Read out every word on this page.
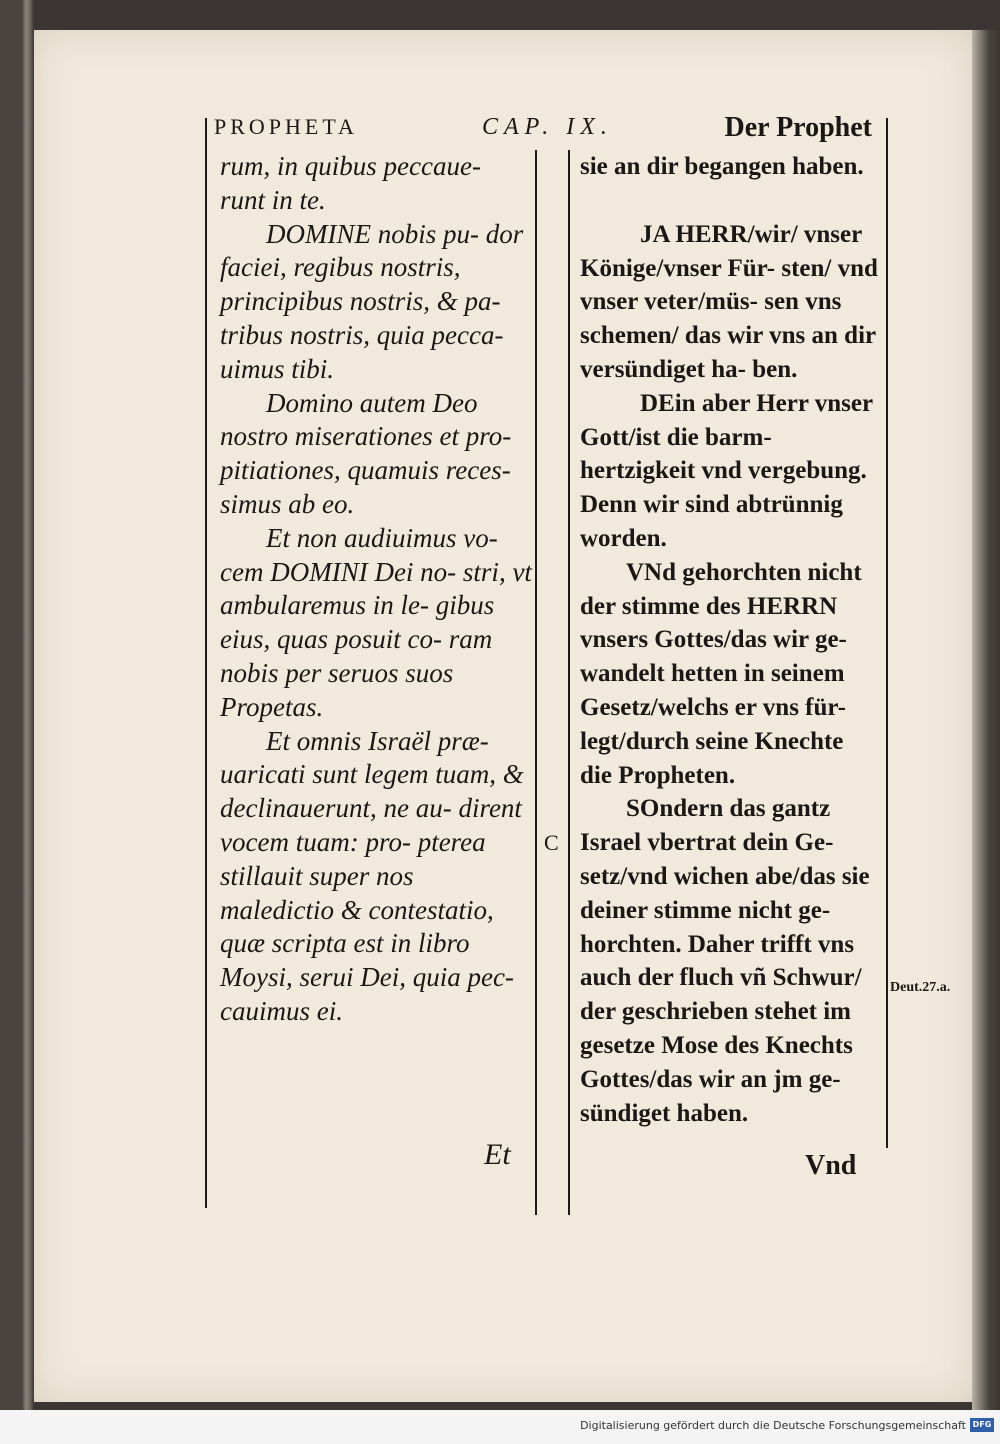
PROPHETA	CAP. IX.	Der Prophet

rum, in quibus peccaue- runt in te.

DOMINE nobis pu- dor faciei, regibus nostris, principibus nostris, & pa- tribus nostris, quia pecca- uimus tibi.

Domino autem Deo nostro miserationes et pro- pitiationes, quamuis reces- simus ab eo.

Et non audiuimus vo- cem DOMINI Dei no- stri, vt ambularemus in le- gibus eius, quas posuit co- ram nobis per seruos suos Propetas.

Et omnis Israël præ- uaricati sunt legem tuam, & declinauerunt, ne au- dirent vocem tuam: pro- pterea stillauit super nos maledictio & contestatio, quæ scripta est in libro Moysi, serui Dei, quia pec- cauimus ei.

sie an dir begangen haben.

JA HERR/wir/ vnser Könige/vnser Für- sten/ vnd vnser veter/müs- sen vns schemen/ das wir vns an dir versündiget ha- ben.

DEin aber Herr vnser Gott/ist die barm- hertzigkeit vnd vergebung. Denn wir sind abtrünnig worden.

VNd gehorchten nicht der stimme des HERRN vnsers Gottes/das wir ge- wandelt hetten in seinem Gesetz/welchs er vns für- legt/durch seine Knechte die Propheten.

SOndern das gantz Israel vbertrat dein Ge- setz/vnd wichen abe/das sie deiner stimme nicht ge- horchten. Daher trifft vns auch der fluch vñ Schwur/ der geschrieben stehet im gesetze Mose des Knechts Gottes/das wir an jm ge- sündiget haben.

C
Deut.27.a.
Et	Vnd
Digitalisierung gefördert durch die Deutsche Forschungsgemeinschaft DFG
